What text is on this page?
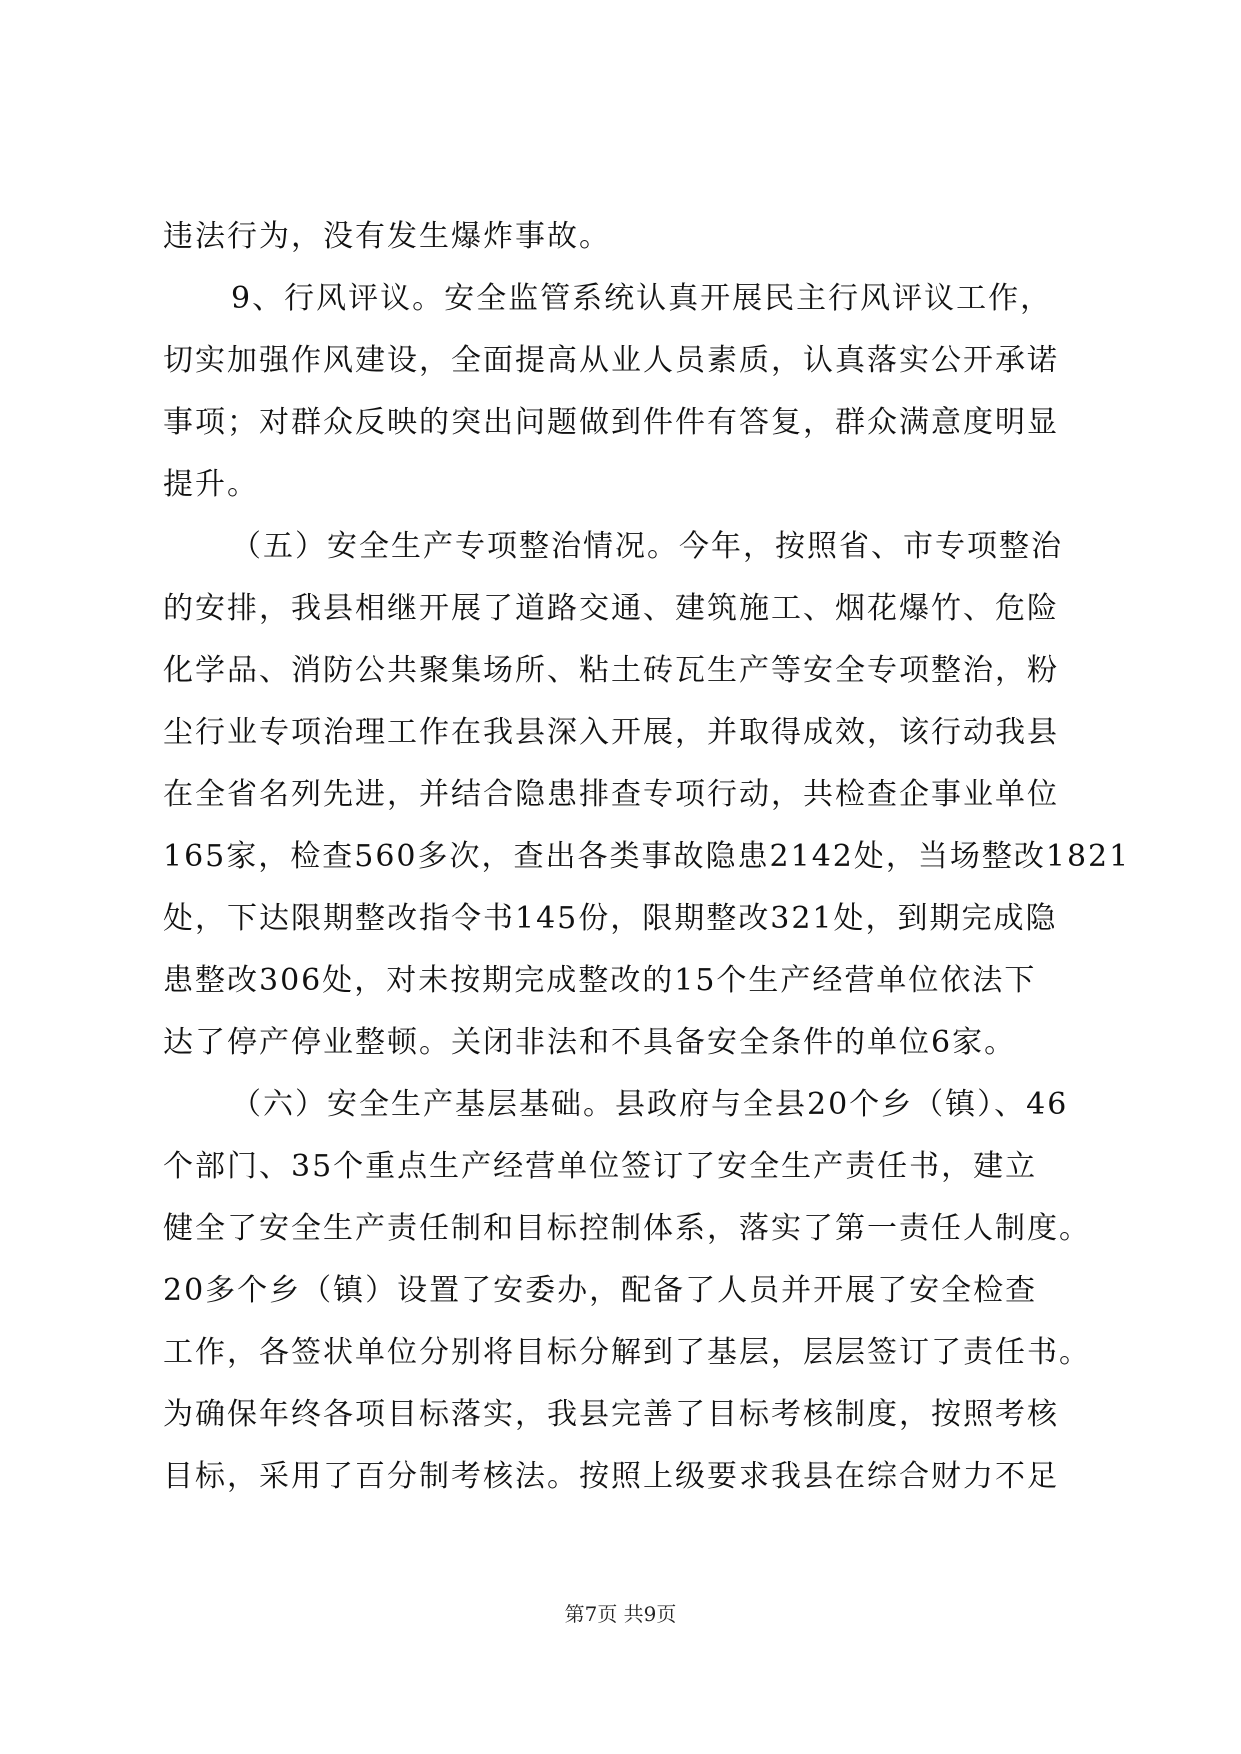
违法行为，没有发生爆炸事故。
9、行风评议。安全监管系统认真开展民主行风评议工作，
切实加强作风建设，全面提高从业人员素质，认真落实公开承诺
事项；对群众反映的突出问题做到件件有答复，群众满意度明显
提升。
（五）安全生产专项整治情况。今年，按照省、市专项整治
的安排，我县相继开展了道路交通、建筑施工、烟花爆竹、危险
化学品、消防公共聚集场所、粘土砖瓦生产等安全专项整治，粉
尘行业专项治理工作在我县深入开展，并取得成效，该行动我县
在全省名列先进，并结合隐患排查专项行动，共检查企事业单位
165家，检查560多次，查出各类事故隐患2142处，当场整改1821
处，下达限期整改指令书145份，限期整改321处，到期完成隐
患整改306处，对未按期完成整改的15个生产经营单位依法下
达了停产停业整顿。关闭非法和不具备安全条件的单位6家。
（六）安全生产基层基础。县政府与全县20个乡（镇）、46
个部门、35个重点生产经营单位签订了安全生产责任书，建立
健全了安全生产责任制和目标控制体系，落实了第一责任人制度。
20多个乡（镇）设置了安委办，配备了人员并开展了安全检查
工作，各签状单位分别将目标分解到了基层，层层签订了责任书。
为确保年终各项目标落实，我县完善了目标考核制度，按照考核
目标，采用了百分制考核法。按照上级要求我县在综合财力不足
第7页 共9页
